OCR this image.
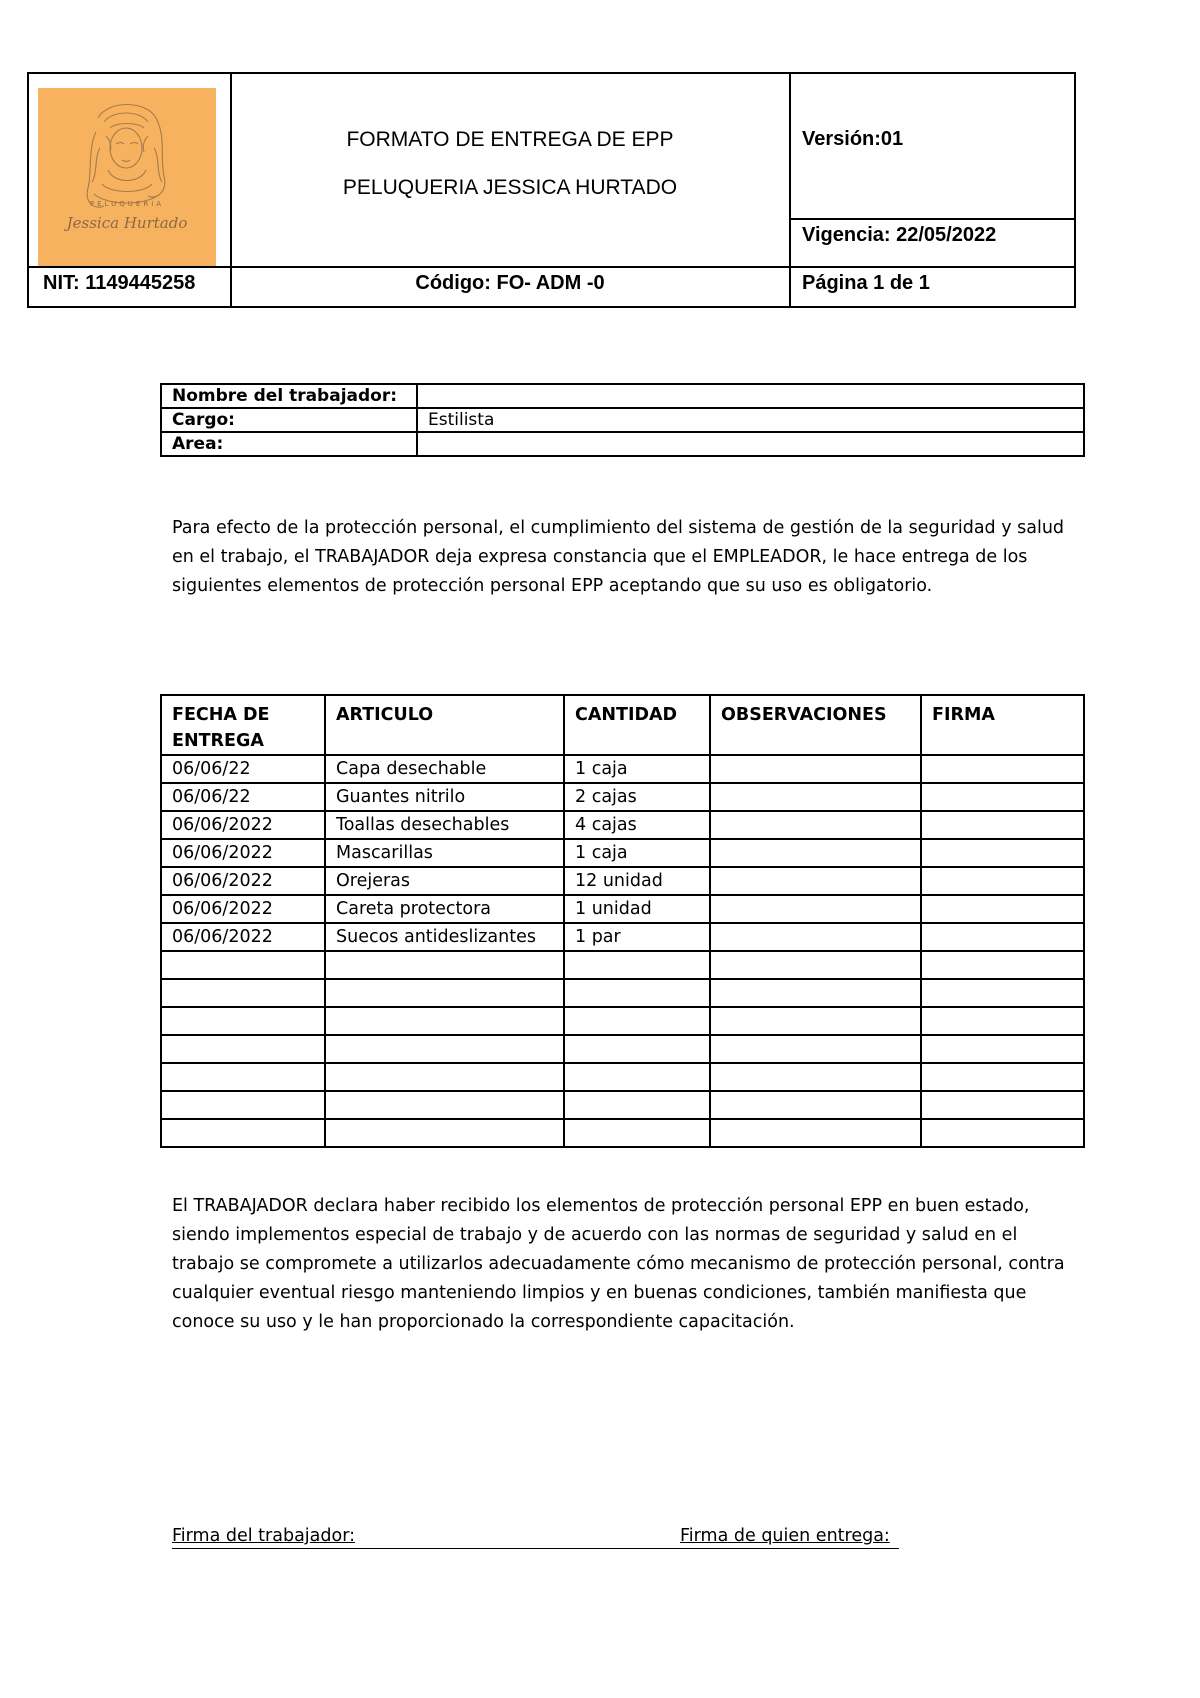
PELUQUERIA
Jessica Hurtado
FORMATO DE ENTREGA DE EPP
PELUQUERIA JESSICA HURTADO
Versión:01
Vigencia: 22/05/2022
NIT: 1149445258	Código: FO- ADM -0	Página 1 de 1
Nombre del trabajador:	
Cargo:	Estilista
Area:	

Para efecto de la protección personal, el cumplimiento del sistema de gestión de la seguridad y salud en el trabajo, el TRABAJADOR deja expresa constancia que el EMPLEADOR, le hace entrega de los siguientes elementos de protección personal EPP aceptando que su uso es obligatorio.

FECHA DE ENTREGA	ARTICULO	CANTIDAD	OBSERVACIONES	FIRMA
06/06/22	Capa desechable	1 caja		
06/06/22	Guantes nitrilo	2 cajas		
06/06/2022	Toallas desechables	4 cajas		
06/06/2022	Mascarillas	1 caja		
06/06/2022	Orejeras	12 unidad		
06/06/2022	Careta protectora	1 unidad		
06/06/2022	Suecos antideslizantes	1 par		

El TRABAJADOR declara haber recibido los elementos de protección personal EPP en buen estado, siendo implementos especial de trabajo y de acuerdo con las normas de seguridad y salud en el trabajo se compromete a utilizarlos adecuadamente cómo mecanismo de protección personal, contra cualquier eventual riesgo manteniendo limpios y en buenas condiciones, también manifiesta que conoce su uso y le han proporcionado la correspondiente capacitación.

Firma del trabajador:	Firma de quien entrega:
